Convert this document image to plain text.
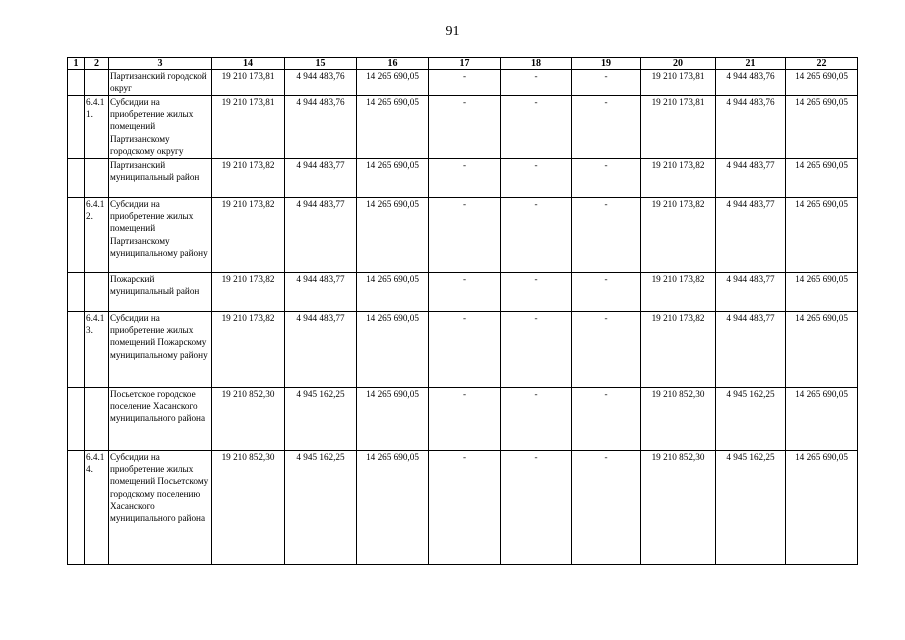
91
1	2	3	14	15	16	17	18	19	20	21	22
		Партизанский городской округ	19 210 173,81	4 944 483,76	14 265 690,05	-	-	-	19 210 173,81	4 944 483,76	14 265 690,05
	6.4.1 1.	Субсидии на приобретение жилых помещений Партизанскому городскому округу	19 210 173,81	4 944 483,76	14 265 690,05	-	-	-	19 210 173,81	4 944 483,76	14 265 690,05
		Партизанский муниципальный район	19 210 173,82	4 944 483,77	14 265 690,05	-	-	-	19 210 173,82	4 944 483,77	14 265 690,05
	6.4.1 2.	Субсидии на приобретение жилых помещений Партизанскому муниципальному району	19 210 173,82	4 944 483,77	14 265 690,05	-	-	-	19 210 173,82	4 944 483,77	14 265 690,05
		Пожарский муниципальный район	19 210 173,82	4 944 483,77	14 265 690,05	-	-	-	19 210 173,82	4 944 483,77	14 265 690,05
	6.4.1 3.	Субсидии на приобретение жилых помещений Пожарскому муниципальному району	19 210 173,82	4 944 483,77	14 265 690,05	-	-	-	19 210 173,82	4 944 483,77	14 265 690,05
		Посьетское городское поселение Хасанского муниципального района	19 210 852,30	4 945 162,25	14 265 690,05	-	-	-	19 210 852,30	4 945 162,25	14 265 690,05
	6.4.1 4.	Субсидии на приобретение жилых помещений Посьетскому городскому поселению Хасанского муниципального района	19 210 852,30	4 945 162,25	14 265 690,05	-	-	-	19 210 852,30	4 945 162,25	14 265 690,05
